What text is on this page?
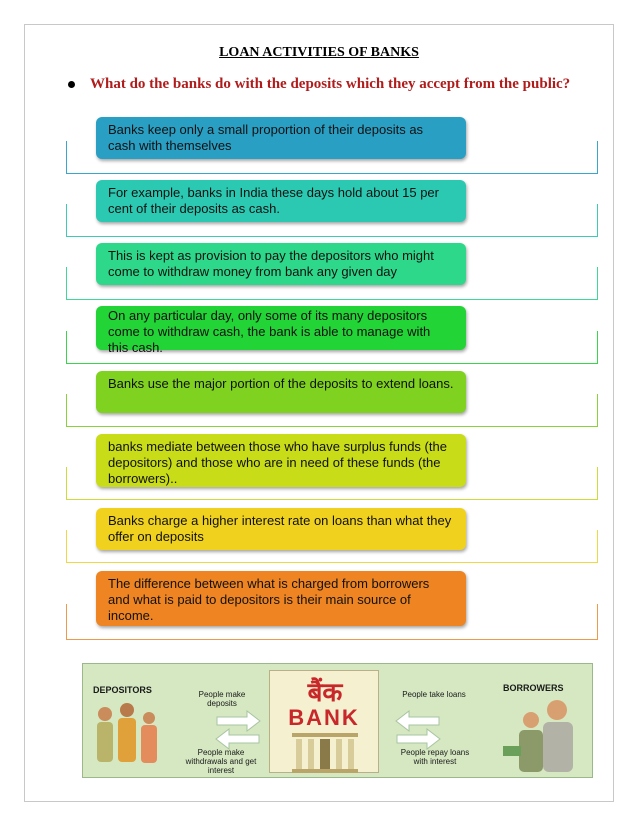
LOAN ACTIVITIES OF BANKS
What do the banks do with the deposits which they accept from the public?
Banks keep only a small proportion of their deposits as cash with themselves
For example, banks in India these days hold about 15 per cent of their deposits as cash.
This is kept as provision to pay the depositors who might come to withdraw money from bank any given day
On any particular day, only some of its many depositors come to withdraw cash, the bank is able to manage with this cash.
Banks use the major portion of the deposits to extend loans.
banks mediate between those who have surplus funds (the depositors) and those who are in need of these funds (the borrowers)..
Banks charge a higher interest rate on loans than what they offer on deposits
The difference between what is charged from borrowers and what is paid to depositors is their main source of income.
DEPOSITORS	BORROWERS
People make deposits
People make withdrawals and get interest
People take loans
People repay loans with interest
बैंक
BANK
